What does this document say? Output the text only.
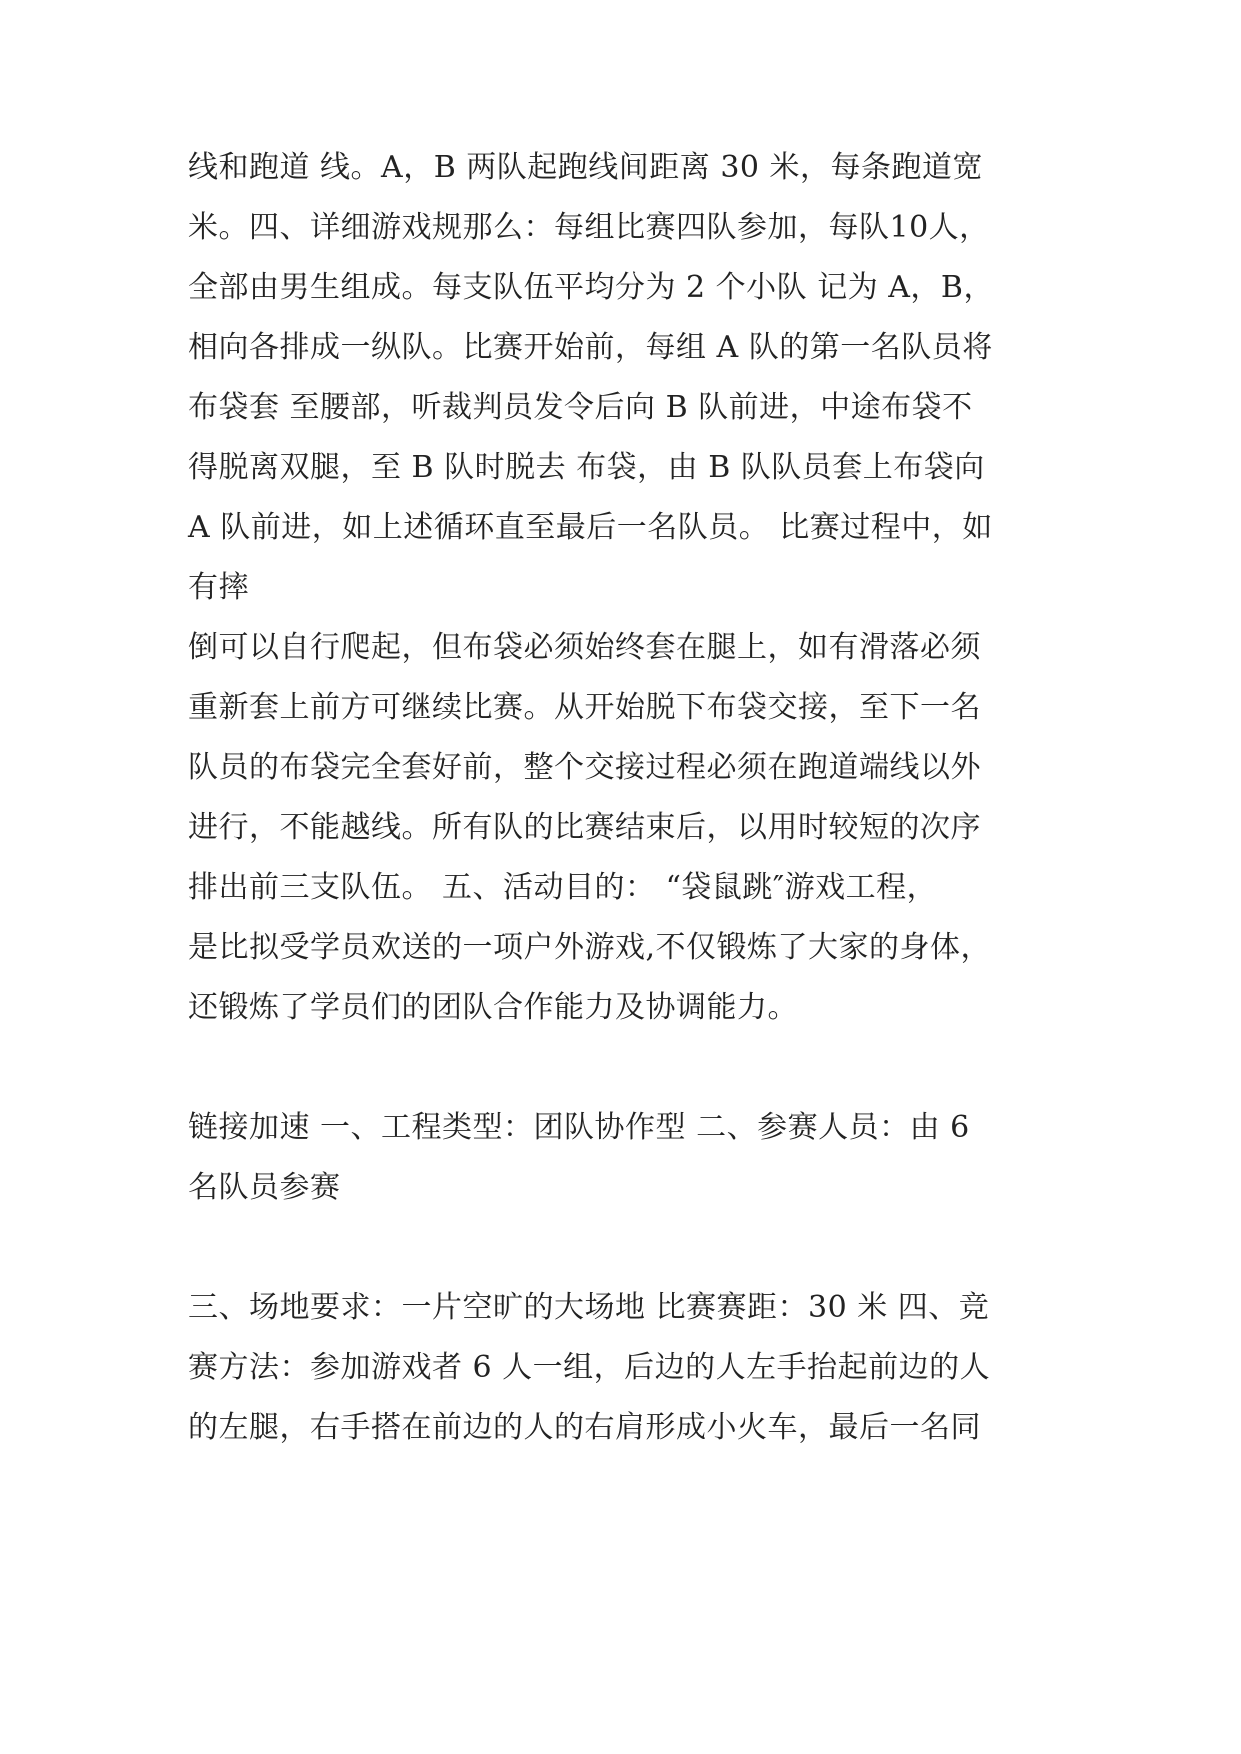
线和跑道 线。A，B 两队起跑线间距离 30 米，每条跑道宽
米。四、详细游戏规那么：每组比赛四队参加，每队10人，
全部由男生组成。每支队伍平均分为 2 个小队 记为 A，B，
相向各排成一纵队。比赛开始前，每组 A 队的第一名队员将
布袋套 至腰部，听裁判员发令后向 B 队前进，中途布袋不
得脱离双腿，至 B 队时脱去 布袋，由 B 队队员套上布袋向
A 队前进，如上述循环直至最后一名队员。 比赛过程中，如
有摔
倒可以自行爬起，但布袋必须始终套在腿上，如有滑落必须
重新套上前方可继续比赛。从开始脱下布袋交接，至下一名
队员的布袋完全套好前，整个交接过程必须在跑道端线以外
进行，不能越线。所有队的比赛结束后，以用时较短的次序
排出前三支队伍。 五、活动目的： “袋鼠跳″游戏工程，
是比拟受学员欢送的一项户外游戏,不仅锻炼了大家的身体，
还锻炼了学员们的团队合作能力及协调能力。
链接加速 一、工程类型：团队协作型 二、参赛人员：由 6
名队员参赛
三、场地要求：一片空旷的大场地 比赛赛距：30 米 四、竞
赛方法：参加游戏者 6 人一组，后边的人左手抬起前边的人
的左腿，右手搭在前边的人的右肩形成小火车，最后一名同
